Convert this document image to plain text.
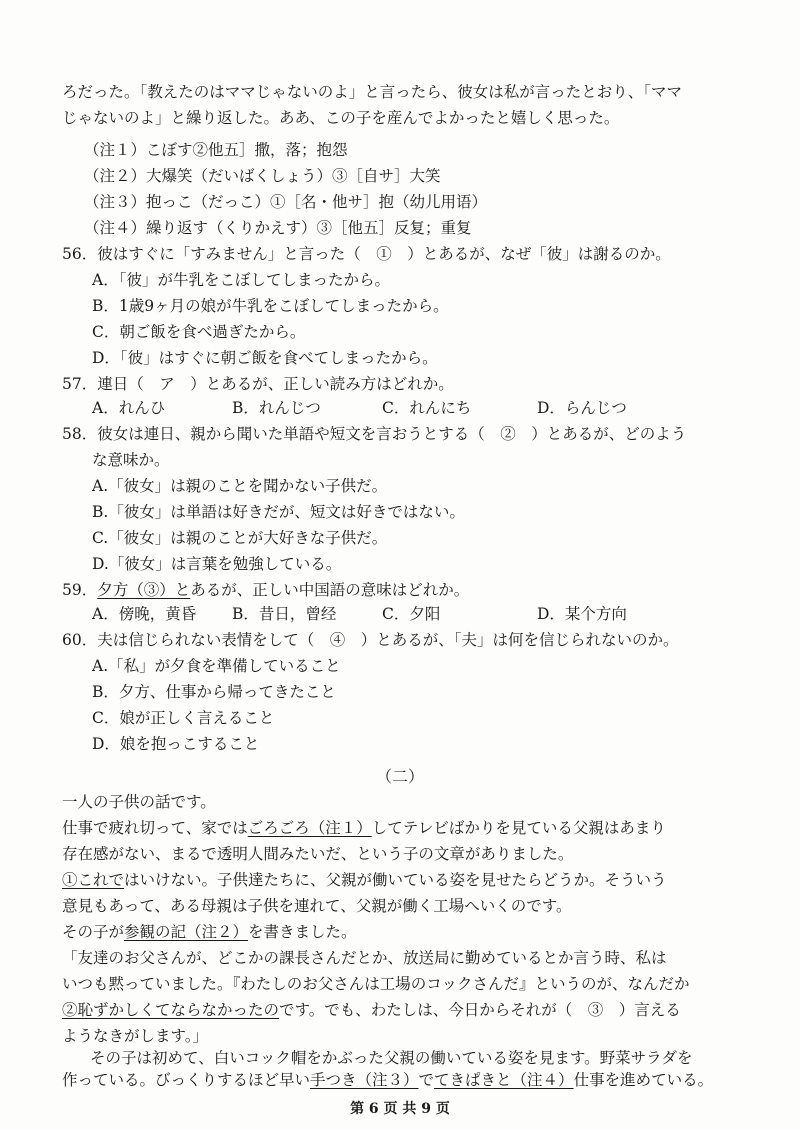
ろだった。「教えたのはママじゃないのよ」と言ったら、彼女は私が言ったとおり、「ママ
じゃないのよ」と繰り返した。ああ、この子を産んでよかったと嬉しく思った。
（注１）こぼす②他五］撒，落；抱怨
（注２）大爆笑（だいばくしょう）③［自サ］大笑
（注３）抱っこ（だっこ）①［名・他サ］抱（幼儿用语）
（注４）繰り返す（くりかえす）③［他五］反复；重复
56．彼はすぐに「すみません」と言った（　①　）とあるが、なぜ「彼」は謝るのか。
A．「彼」が牛乳をこぼしてしまったから。
B．1歳9ヶ月の娘が牛乳をこぼしてしまったから。
C．朝ご飯を食べ過ぎたから。
D．「彼」はすぐに朝ご飯を食べてしまったから。
57．連日（　ア　）とあるが、正しい読み方はどれか。
A．れんひ	B．れんじつ	C．れんにち	D．らんじつ
58．彼女は連日、親から聞いた単語や短文を言おうとする（　②　）とあるが、どのよう
な意味か。
A.「彼女」は親のことを聞かない子供だ。
B.「彼女」は単語は好きだが、短文は好きではない。
C.「彼女」は親のことが大好きな子供だ。
D.「彼女」は言葉を勉強している。
59．夕方（③）とあるが、正しい中国語の意味はどれか。
A．傍晚，黄昏	B．昔日，曾经	C．夕阳	D．某个方向
60．夫は信じられない表情をして（　④　）とあるが、「夫」は何を信じられないのか。
A.「私」が夕食を準備していること
B．夕方、仕事から帰ってきたこと
C．娘が正しく言えること
D．娘を抱っこすること
（二）
一人の子供の話です。
仕事で疲れ切って、家ではごろごろ（注１）してテレビばかりを見ている父親はあまり
存在感がない、まるで透明人間みたいだ、という子の文章がありました。
①これではいけない。子供達たちに、父親が働いている姿を見せたらどうか。そういう
意見もあって、ある母親は子供を連れて、父親が働く工場へいくのです。
その子が参観の記（注２）を書きました。
「友達のお父さんが、どこかの課長さんだとか、放送局に勤めているとか言う時、私は
いつも黙っていました。『わたしのお父さんは工場のコックさんだ』というのが、なんだか
②恥ずかしくてならなかったのです。でも、わたしは、今日からそれが（　③　）言える
ようなきがします。」
その子は初めて、白いコック帽をかぶった父親の働いている姿を見ます。野菜サラダを
作っている。びっくりするほど早い手つき（注３）でてきぱきと（注４）仕事を進めている。
第 6 页 共 9 页
